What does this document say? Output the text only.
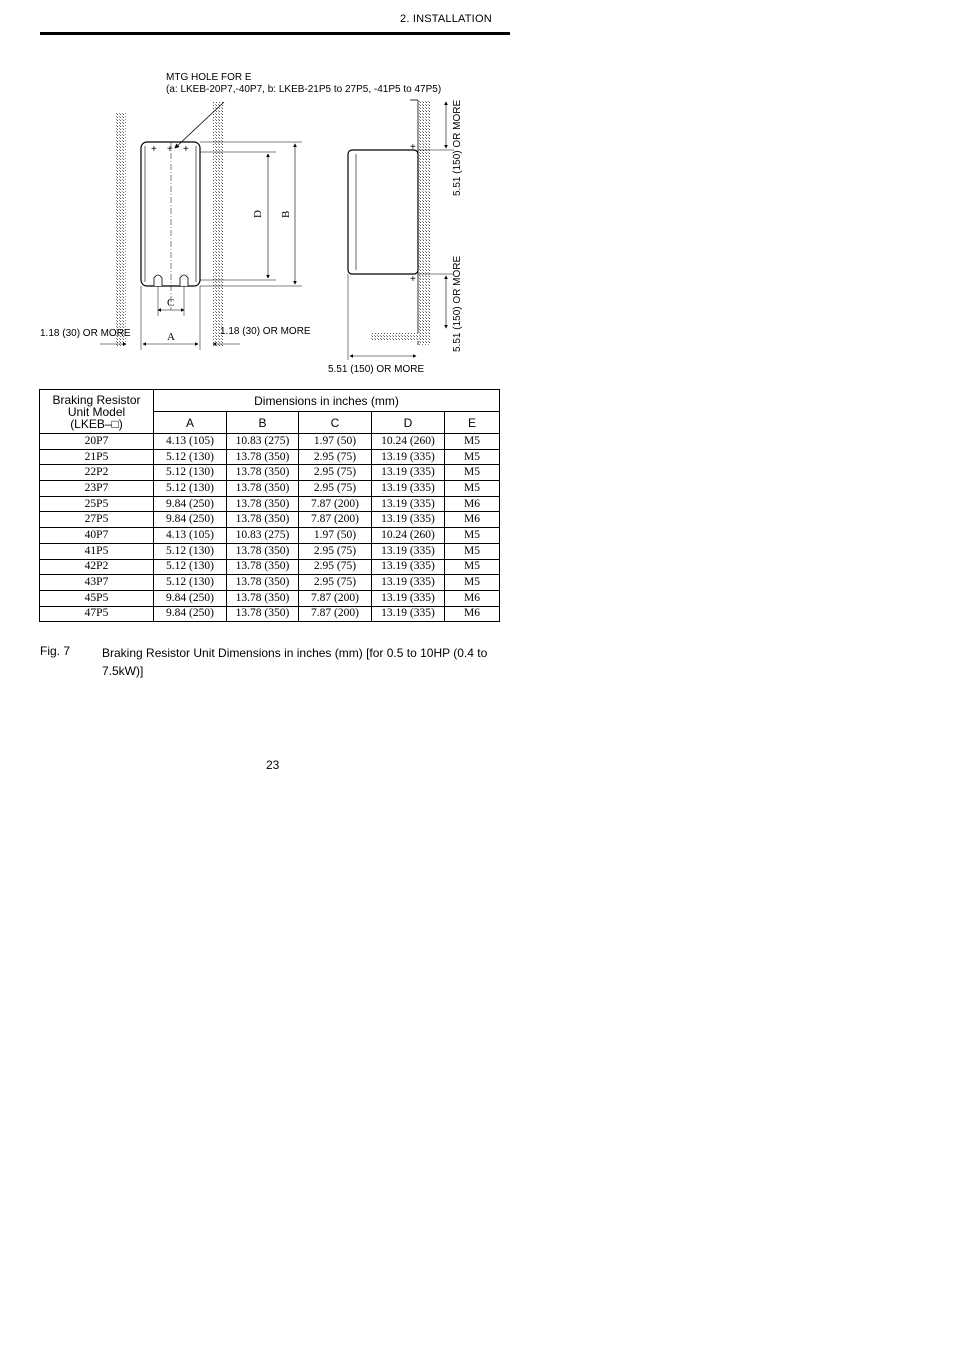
2. INSTALLATION
+ + +
MTG HOLE FOR E
(a: LKEB-20P7,-40P7, b: LKEB-21P5 to 27P5, -41P5 to 47P5)
D B
C
A
1.18 (30) OR MORE	1.18 (30) OR MORE
+
+
5.51 (150) OR MORE
5.51 (150) OR MORE
5.51 (150) OR MORE
Braking Resistor
Unit Model
(LKEB–□)	Dimensions in inches (mm)				
	A	B	C	D	E
20P7	4.13 (105)	10.83 (275)	1.97 (50)	10.24 (260)	M5
21P5	5.12 (130)	13.78 (350)	2.95 (75)	13.19 (335)	M5
22P2	5.12 (130)	13.78 (350)	2.95 (75)	13.19 (335)	M5
23P7	5.12 (130)	13.78 (350)	2.95 (75)	13.19 (335)	M5
25P5	9.84 (250)	13.78 (350)	7.87 (200)	13.19 (335)	M6
27P5	9.84 (250)	13.78 (350)	7.87 (200)	13.19 (335)	M6
40P7	4.13 (105)	10.83 (275)	1.97 (50)	10.24 (260)	M5
41P5	5.12 (130)	13.78 (350)	2.95 (75)	13.19 (335)	M5
42P2	5.12 (130)	13.78 (350)	2.95 (75)	13.19 (335)	M5
43P7	5.12 (130)	13.78 (350)	2.95 (75)	13.19 (335)	M5
45P5	9.84 (250)	13.78 (350)	7.87 (200)	13.19 (335)	M6
47P5	9.84 (250)	13.78 (350)	7.87 (200)	13.19 (335)	M6
Fig. 7	Braking Resistor Unit Dimensions in inches (mm) [for 0.5 to 10HP (0.4 to 7.5kW)]
23
